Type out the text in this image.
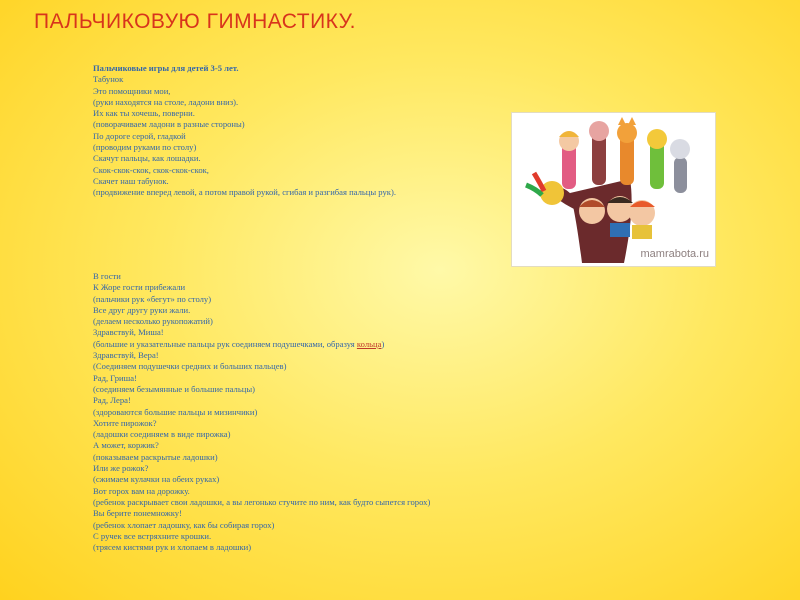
ПАЛЬЧИКОВУЮ ГИМНАСТИКУ.
Пальчиковые игры для детей 3-5 лет.
Табунок
Это помощники мои,
(руки находятся на столе, ладони вниз).
Их как ты хочешь, поверни.
(поворачиваем ладони в разные стороны)
По дороге серой, гладкой
(проводим руками по столу)
Скачут пальцы, как лошадки.
Скок-скок-скок, скок-скок-скок,
Скачет наш табунок.
(продвижение вперед левой, а потом правой рукой, сгибая и разгибая пальцы рук).
mamrabota.ru
В гости
К Жоре гости прибежали
(пальчики рук «бегут» по столу)
Все друг другу руки жали.
(делаем несколько рукопожатий)
Здравствуй, Миша!
(большие и указательные пальцы рук соединяем подушечками, образуя кольца)
Здравствуй, Вера!
(Соединяем подушечки средних и больших пальцев)
Рад, Гриша!
(соединяем безымянные и большие пальцы)
Рад, Лера!
(здороваются большие пальцы и мизинчики)
Хотите пирожок?
(ладошки соединяем в виде пирожка)
А может, коржик?
(показываем раскрытые ладошки)
Или же рожок?
(сжимаем кулачки на обеих руках)
Вот горох вам на дорожку.
(ребенок раскрывает свои ладошки, а вы легонько стучите по ним, как будто сыпется горох)
Вы берите понемножку!
(ребенок хлопает ладошку, как бы собирая горох)
С ручек все встряхните крошки.
(трясем кистями рук и хлопаем в ладошки)
